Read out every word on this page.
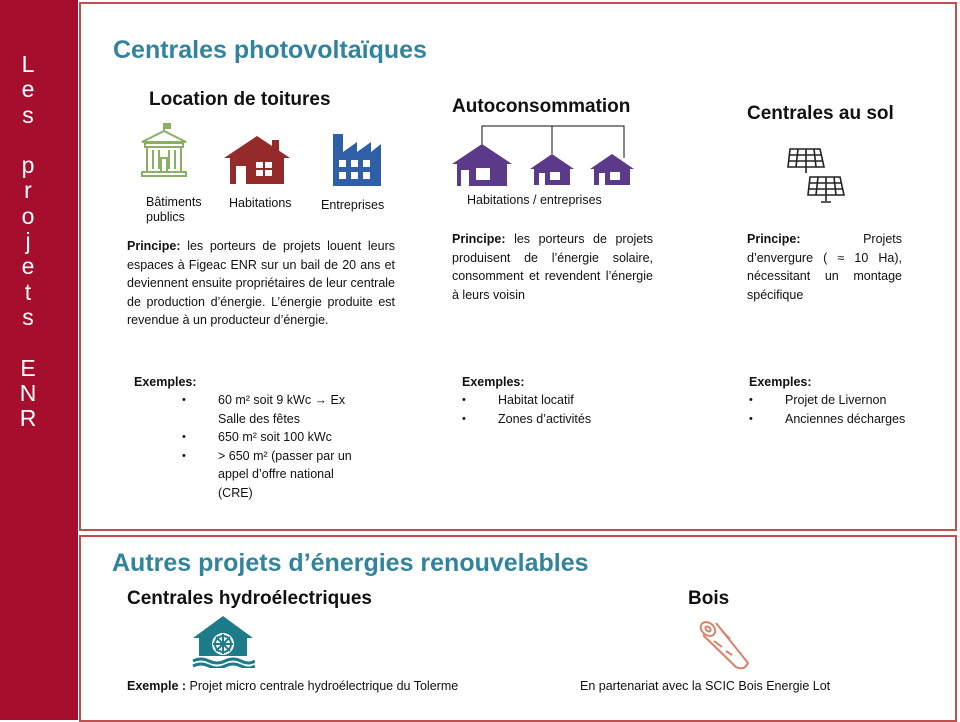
L
e
s
p
r
o
j
e
t
s
E
N
R
Centrales photovoltaïques
Location de toitures
Bâtiments
publics
Habitations Entreprises
Principe: les porteurs de projets louent leurs espaces à Figeac ENR sur un bail de 20 ans et deviennent ensuite propriétaires de leur centrale de production d’énergie. L’énergie produite est revendue à un producteur d’énergie.
Exemples:
•	60 m² soit 9 kWc → Ex
Salle des fêtes
•	650 m² soit 100 kWc
•	> 650 m² (passer par un
appel d’offre national
(CRE)
Autoconsommation
Habitations / entreprises
Principe: les porteurs de projets produisent de l’énergie solaire, consomment et revendent l’énergie à leurs voisin
Exemples:
•	Habitat locatif
•	Zones d’activités
Centrales au sol
Principe:	Projets d’envergure ( ≈ 10 Ha), nécessitant un montage spécifique
Exemples:
•	Projet de Livernon
•	Anciennes décharges
Autres projets d’énergies renouvelables
Centrales hydroélectriques
Exemple : Projet micro centrale hydroélectrique du Tolerme
Bois
En partenariat avec la SCIC Bois Energie Lot
